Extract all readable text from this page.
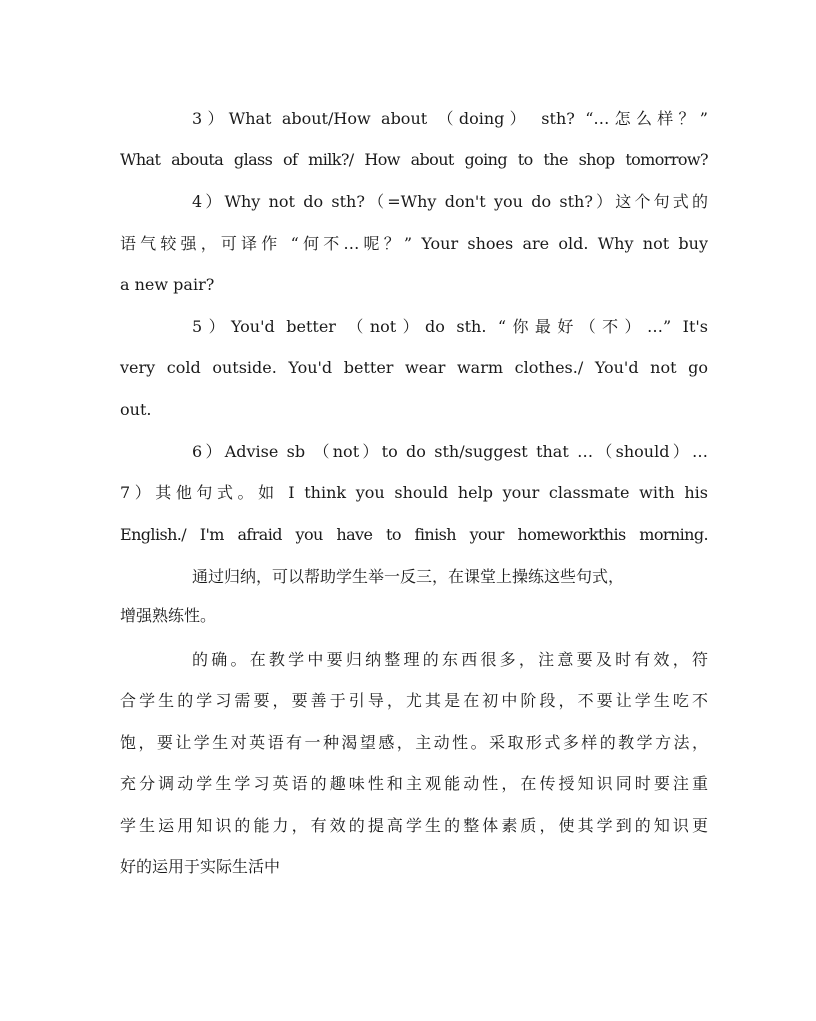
3）What about/How about （doing） sth? “…怎么样？”
What abouta glass of milk?/ How about going to the shop tomorrow?
4）Why not do sth?（=Why don't you do sth?）这个句式的
语气较强，可译作 “何不…呢？” Your shoes are old. Why not buy
a new pair?
5）You'd better （not）do sth. “你最好（不）…” It's
very cold outside. You'd better wear warm clothes./ You'd not go
out.
6）Advise sb （not）to do sth/suggest that …（should）…
7）其他句式。如 I think you should help your classmate with his
English./ I'm afraid you have to finish your homeworkthis morning.
通过归纳，可以帮助学生举一反三，在课堂上操练这些句式，
增强熟练性。
的确。在教学中要归纳整理的东西很多，注意要及时有效，符
合学生的学习需要，要善于引导，尤其是在初中阶段，不要让学生吃不
饱，要让学生对英语有一种渴望感，主动性。采取形式多样的教学方法，
充分调动学生学习英语的趣味性和主观能动性，在传授知识同时要注重
学生运用知识的能力，有效的提高学生的整体素质，使其学到的知识更
好的运用于实际生活中
